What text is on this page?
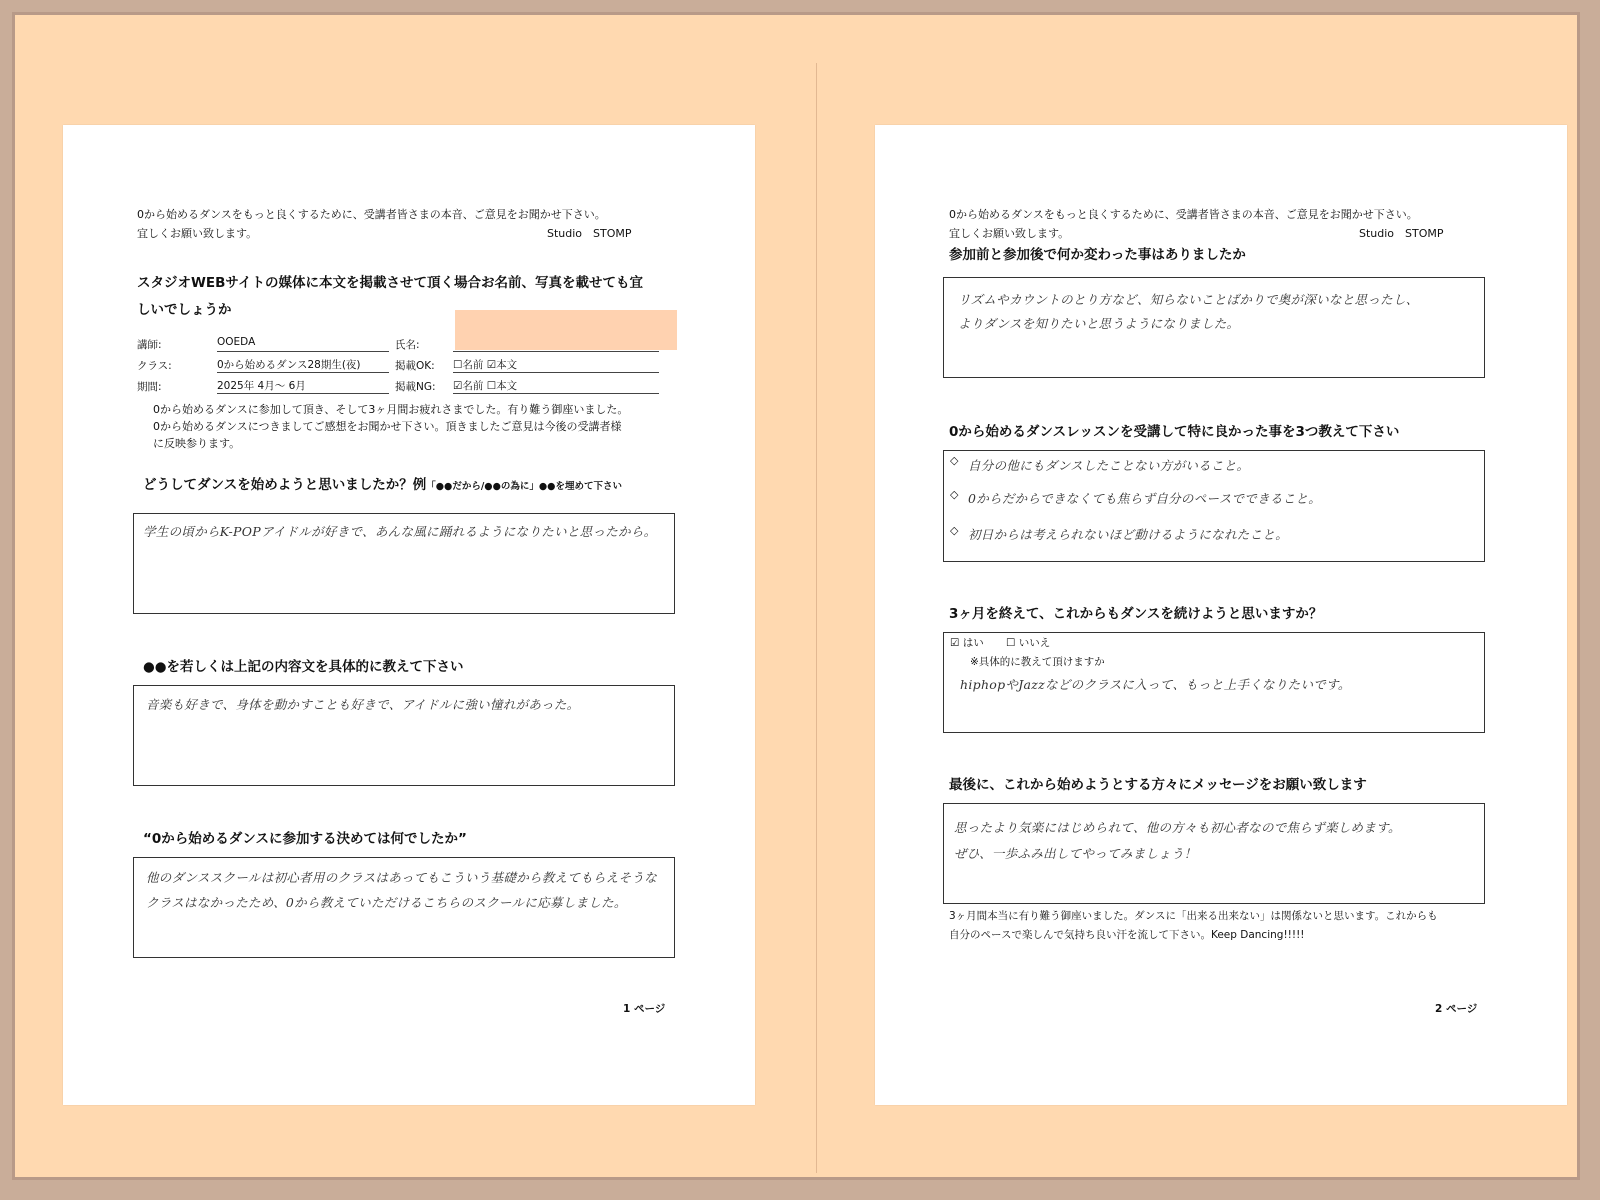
0から始めるダンスをもっと良くするために、受講者皆さまの本音、ご意見をお聞かせ下さい。
宜しくお願い致します。	Studio　STOMP
スタジオWEBサイトの媒体に本文を掲載させて頂く場合お名前、写真を載せても宜
しいでしょうか
講師:	OOEDA	氏名:
クラス:	0から始めるダンス28期生(夜)	掲載OK: ☐名前 ☑本文
期間:	2025年 4月～ 6月	掲載NG: ☑名前 ☐本文
0から始めるダンスに参加して頂き、そして3ヶ月間お疲れさまでした。有り難う御座いました。
0から始めるダンスにつきましてご感想をお聞かせ下さい。頂きましたご意見は今後の受講者様
に反映参ります。
どうしてダンスを始めようと思いましたか？例「●●だから/●●の為に」●●を埋めて下さい
学生の頃からK-POPアイドルが好きで、あんな風に踊れるようになりたいと思ったから。
●●を若しくは上記の内容文を具体的に教えて下さい
音楽も好きで、身体を動かすことも好きで、アイドルに強い憧れがあった。
“0から始めるダンスに参加する決めては何でしたか”
他のダンススクールは初心者用のクラスはあってもこういう基礎から教えてもらえそうな
クラスはなかったため、0から教えていただけるこちらのスクールに応募しました。
1 ページ
0から始めるダンスをもっと良くするために、受講者皆さまの本音、ご意見をお聞かせ下さい。
宜しくお願い致します。	Studio　STOMP
参加前と参加後で何か変わった事はありましたか
リズムやカウントのとり方など、知らないことばかりで奥が深いなと思ったし、
よりダンスを知りたいと思うようになりました。
0から始めるダンスレッスンを受講して特に良かった事を3つ教えて下さい
◇ 自分の他にもダンスしたことない方がいること。
◇ 0からだからできなくても焦らず自分のペースでできること。
◇ 初日からは考えられないほど動けるようになれたこと。
3ヶ月を終えて、これからもダンスを続けようと思いますか？
☑ はい ☐ いいえ
※具体的に教えて頂けますか
hiphopやJazzなどのクラスに入って、もっと上手くなりたいです。
最後に、これから始めようとする方々にメッセージをお願い致します
思ったより気楽にはじめられて、他の方々も初心者なので焦らず楽しめます。
ぜひ、一歩ふみ出してやってみましょう！
3ヶ月間本当に有り難う御座いました。ダンスに「出来る出来ない」は関係ないと思います。これからも
自分のペースで楽しんで気持ち良い汗を流して下さい。Keep Dancing!!!!!
2 ページ
